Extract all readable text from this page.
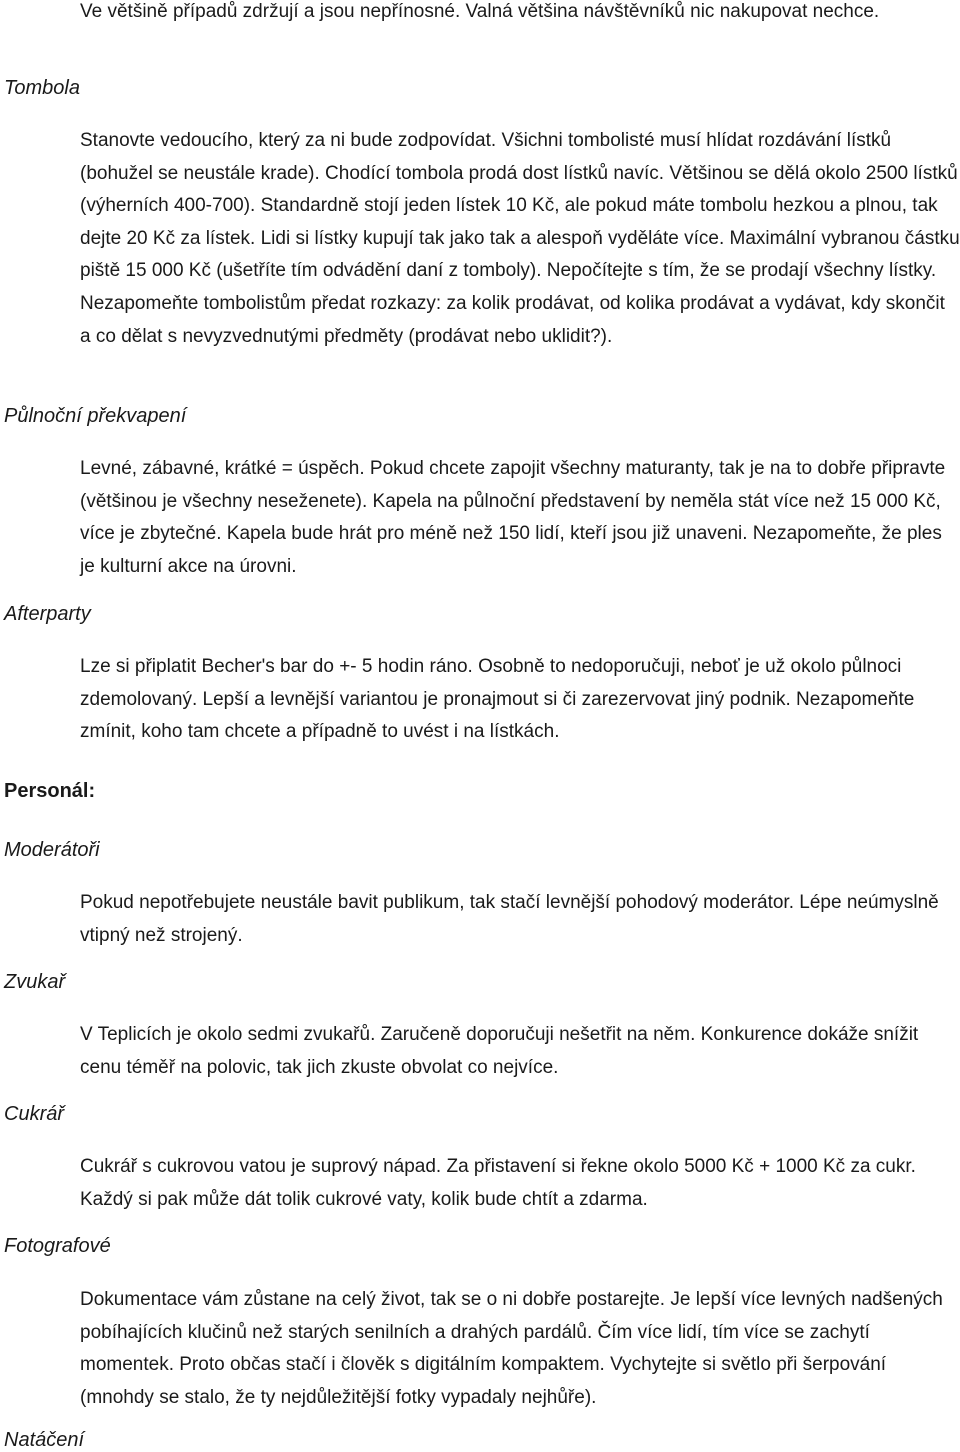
Ve většině případů zdržují a jsou nepřínosné. Valná většina návštěvníků nic nakupovat nechce.

Tombola

Stanovte vedoucího, který za ni bude zodpovídat. Všichni tombolisté musí hlídat rozdávání lístků (bohužel se neustále krade). Chodící tombola prodá dost lístků navíc. Většinou se dělá okolo 2500 lístků (výherních 400-700). Standardně stojí jeden lístek 10 Kč, ale pokud máte tombolu hezkou a plnou, tak dejte 20 Kč za lístek. Lidi si lístky kupují tak jako tak a alespoň vyděláte více. Maximální vybranou částku piště 15 000 Kč (ušetříte tím odvádění daní z tomboly). Nepočítejte s tím, že se prodají všechny lístky. Nezapomeňte tombolistům předat rozkazy: za kolik prodávat, od kolika prodávat a vydávat, kdy skončit a co dělat s nevyzvednutými předměty (prodávat nebo uklidit?).

Půlnoční překvapení

Levné, zábavné, krátké = úspěch. Pokud chcete zapojit všechny maturanty, tak je na to dobře připravte (většinou je všechny neseženete). Kapela na půlnoční představení by neměla stát více než 15 000 Kč, více je zbytečné. Kapela bude hrát pro méně než 150 lidí, kteří jsou již unaveni. Nezapomeňte, že ples je kulturní akce na úrovni.

Afterparty

Lze si připlatit Becher's bar do +- 5 hodin ráno. Osobně to nedoporučuji, neboť je už okolo půlnoci zdemolovaný. Lepší a levnější variantou je pronajmout si či zarezervovat jiný podnik. Nezapomeňte zmínit, koho tam chcete a případně to uvést i na lístkách.

Personál:
Moderátoři

Pokud nepotřebujete neustále bavit publikum, tak stačí levnější pohodový moderátor. Lépe neúmyslně vtipný než strojený.

Zvukař

V Teplicích je okolo sedmi zvukařů. Zaručeně doporučuji nešetřit na něm. Konkurence dokáže snížit cenu téměř na polovic, tak jich zkuste obvolat co nejvíce.

Cukrář

Cukrář s cukrovou vatou je suprový nápad. Za přistavení si řekne okolo 5000 Kč + 1000 Kč za cukr. Každý si pak může dát tolik cukrové vaty, kolik bude chtít a zdarma.

Fotografové

Dokumentace vám zůstane na celý život, tak se o ni dobře postarejte. Je lepší více levných nadšených pobíhajících klučinů než starých senilních a drahých pardálů. Čím více lidí, tím více se zachytí momentek. Proto občas stačí i člověk s digitálním kompaktem. Vychytejte si světlo při šerpování (mnohdy se stalo, že ty nejdůležitější fotky vypadaly nejhůře).

Natáčení
